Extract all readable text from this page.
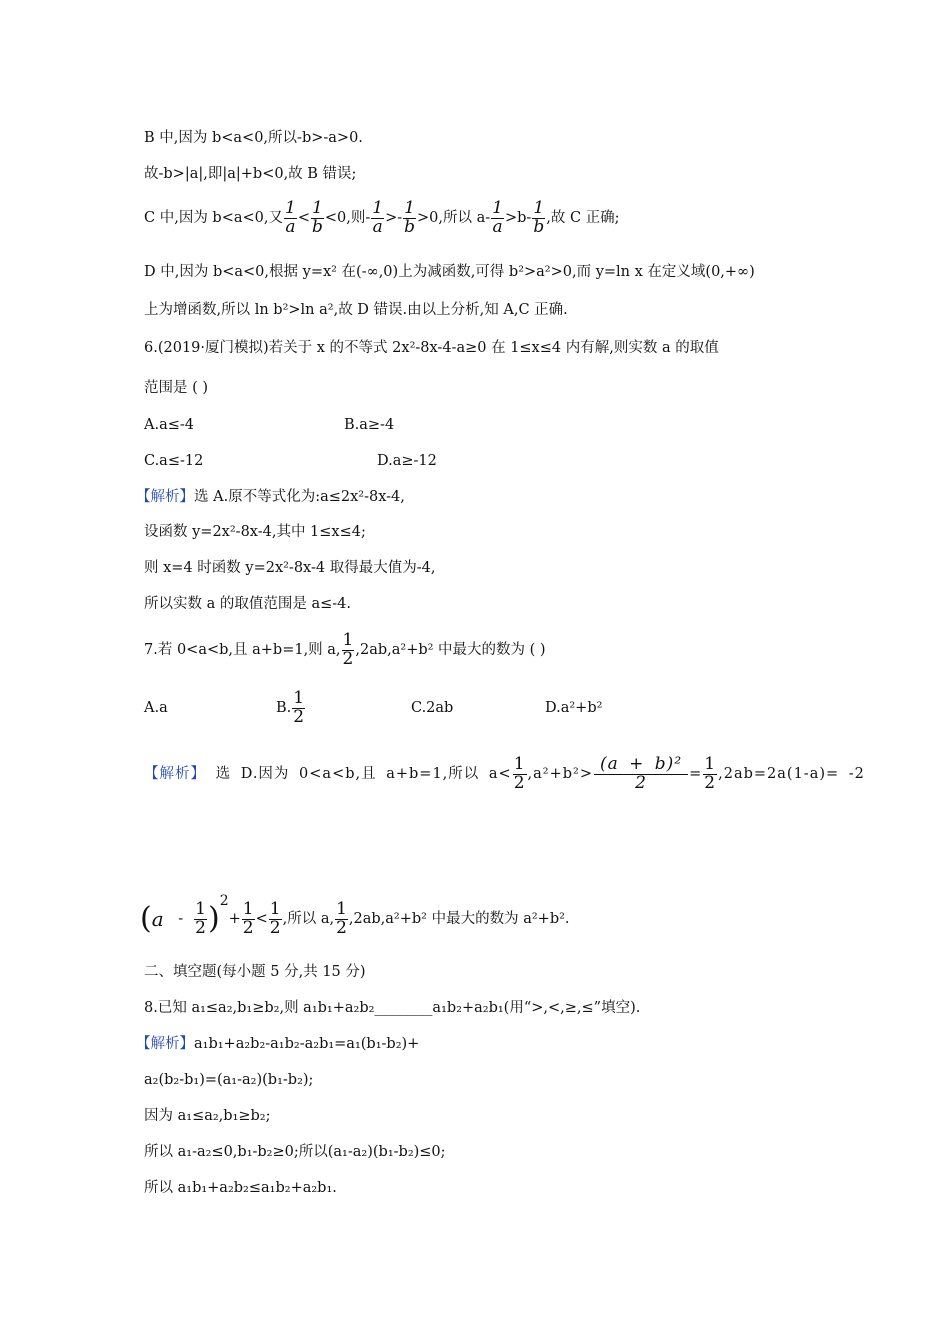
B 中,因为 b<a<0,所以-b>-a>0.
故-b>|a|,即|a|+b<0,故 B 错误;
C 中,因为 b<a<0,又 $\frac{1}{a} < \frac{1}{b} <0$,则- $\frac{1}{a} >- \frac{1}{b} >0$,所以 $a- \frac{1}{a} >b- \frac{1}{b}$ ,故 C 正确;
D 中,因为 b<a<0,根据 y=x² 在(-∞,0)上为减函数,可得 b²>a²>0,而 y=ln x 在定义域(0,+∞)
上为增函数,所以 ln b²>ln a²,故 D 错误.由以上分析,知 A,C 正确.
6.(2019·厦门模拟)若关于 x 的不等式 2x²-8x-4-a≥0 在 1≤x≤4 内有解,则实数 a 的取值
范围是 ( )
A.a≤-4	B.a≥-4
C.a≤-12	D.a≥-12
【解析】选 A.原不等式化为:a≤2x²-8x-4,
设函数 y=2x²-8x-4,其中 1≤x≤4;
则 x=4 时函数 y=2x²-8x-4 取得最大值为-4,
所以实数 a 的取值范围是 a≤-4.
7.若 0<a<b,且 a+b=1,则 a, $\frac{1}{2} ,2ab,a^2+b^2$ 中最大的数为 ( )
A.a	B. $\frac{1}{2}$	C.2ab	D.a²+b²
【解析】 选 D.因为 0<a<b,且 a+b=1,所以 $a< \frac{1}{2} ,a^2+b^2> \frac{\text{(a + b)²}}{2} = \frac{1}{2} ,2ab=2a(1-a)= -2$
$(a - \frac{1}{2} )2+ \frac{1}{2} < \frac{1}{2}$ ,所以 a, $\frac{1}{2} ,2ab,a^2+b^2$ 中最大的数为 a²+b².
二、填空题(每小题 5 分,共 15 分)
8.已知 a₁≤a₂,b₁≥b₂,则 a₁b₁+a₂b₂________a₁b₂+a₂b₁(用“>,<,≥,≤”填空).
【解析】a₁b₁+a₂b₂-a₁b₂-a₂b₁=a₁(b₁-b₂)+
a₂(b₂-b₁)=(a₁-a₂)(b₁-b₂);
因为 a₁≤a₂,b₁≥b₂;
所以 a₁-a₂≤0,b₁-b₂≥0;所以(a₁-a₂)(b₁-b₂)≤0;
所以 a₁b₁+a₂b₂≤a₁b₂+a₂b₁.
